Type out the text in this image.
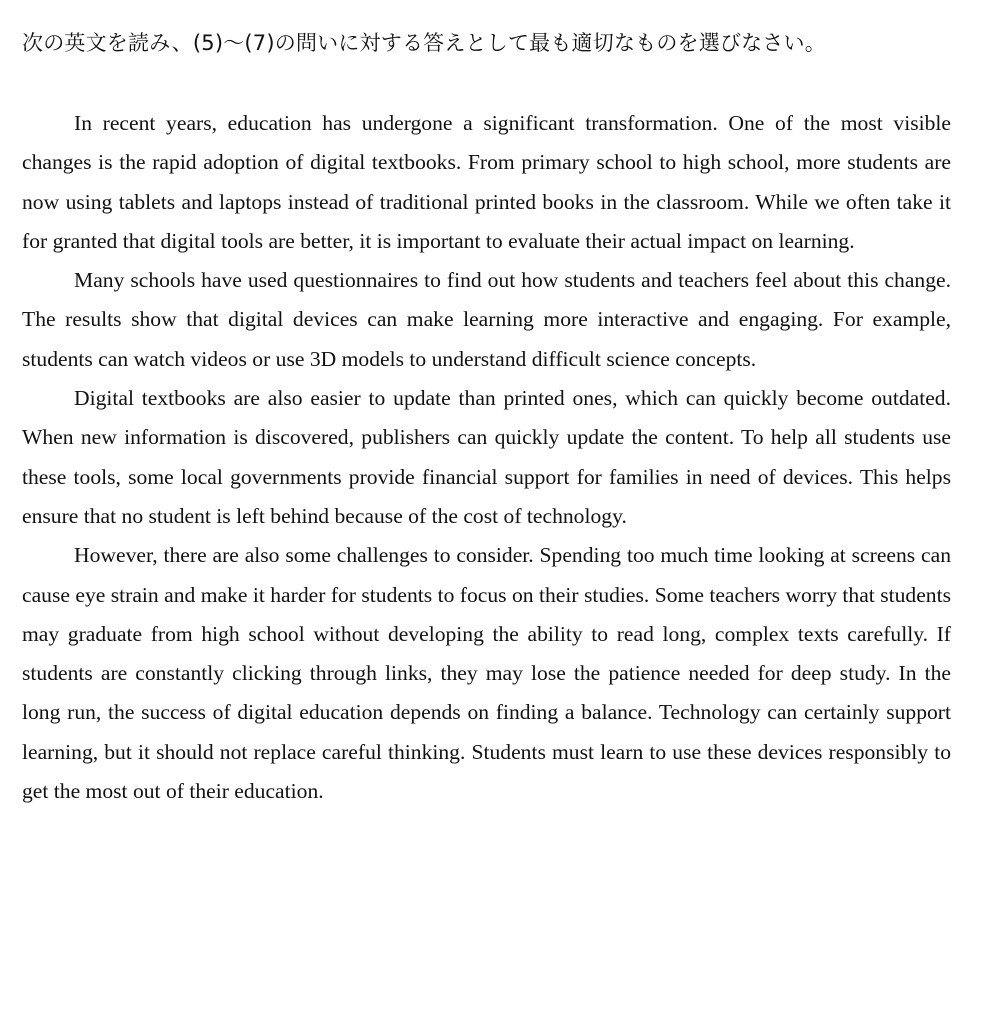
次の英文を読み、(5)〜(7)の問いに対する答えとして最も適切なものを選びなさい。

In recent years, education has undergone a significant transformation. One of the most visible changes is the rapid adoption of digital textbooks. From primary school to high school, more students are now using tablets and laptops instead of traditional printed books in the classroom. While we often take it for granted that digital tools are better, it is important to evaluate their actual impact on learning.

Many schools have used questionnaires to find out how students and teachers feel about this change. The results show that digital devices can make learning more interactive and engaging. For example, students can watch videos or use 3D models to understand difficult science concepts.

Digital textbooks are also easier to update than printed ones, which can quickly become outdated. When new information is discovered, publishers can quickly update the content. To help all students use these tools, some local governments provide financial support for families in need of devices. This helps ensure that no student is left behind because of the cost of technology.

However, there are also some challenges to consider. Spending too much time looking at screens can cause eye strain and make it harder for students to focus on their studies. Some teachers worry that students may graduate from high school without developing the ability to read long, complex texts carefully. If students are constantly clicking through links, they may lose the patience needed for deep study. In the long run, the success of digital education depends on finding a balance. Technology can certainly support learning, but it should not replace careful thinking. Students must learn to use these devices responsibly to get the most out of their education.
